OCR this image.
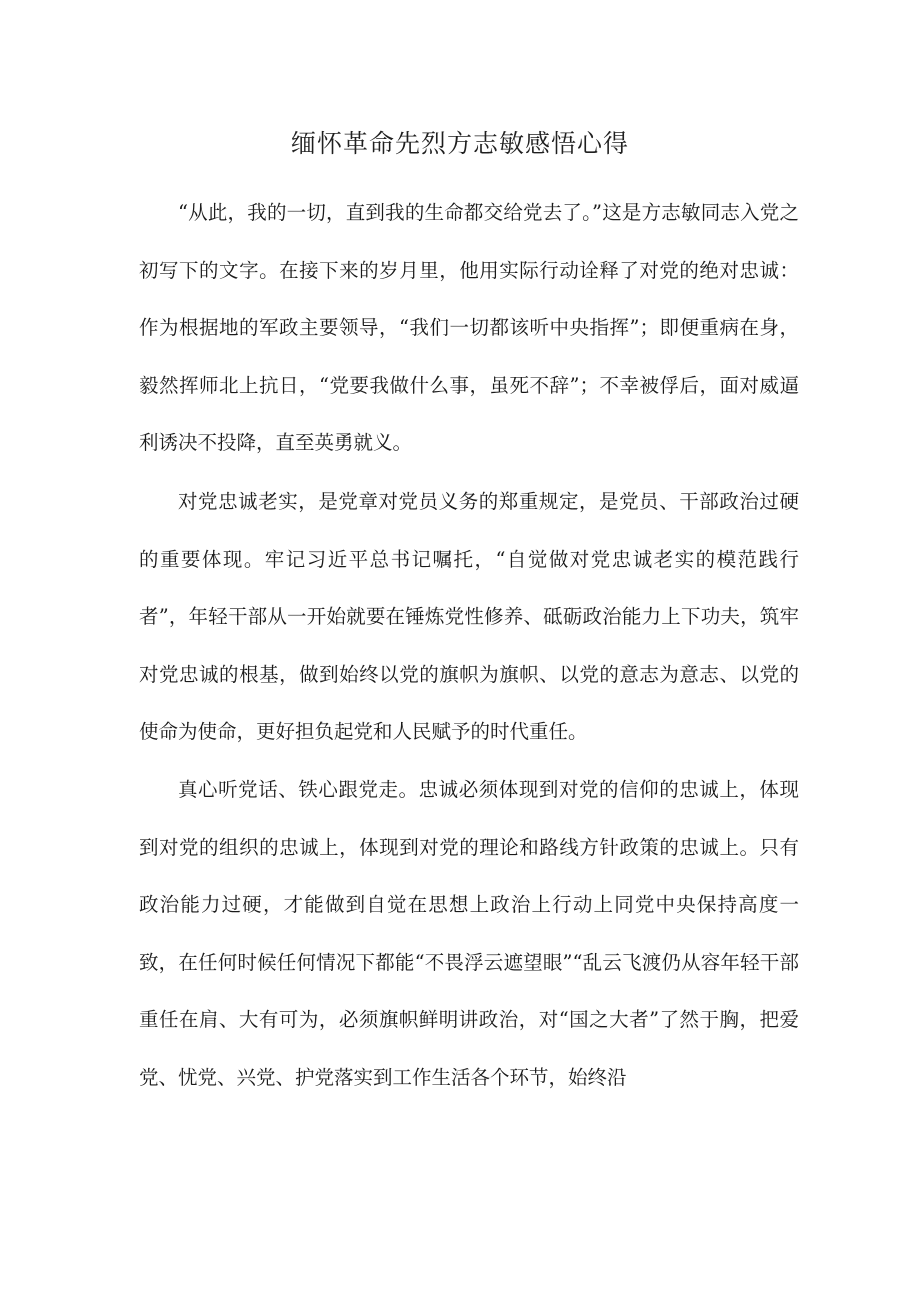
缅怀革命先烈方志敏感悟心得

“从此，我的一切，直到我的生命都交给党去了。”这是方志敏同志入党之初写下的文字。在接下来的岁月里，他用实际行动诠释了对党的绝对忠诚：作为根据地的军政主要领导，“我们一切都该听中央指挥”；即便重病在身，毅然挥师北上抗日，“党要我做什么事，虽死不辞”；不幸被俘后，面对威逼利诱决不投降，直至英勇就义。

对党忠诚老实，是党章对党员义务的郑重规定，是党员、干部政治过硬的重要体现。牢记习近平总书记嘱托，“自觉做对党忠诚老实的模范践行者”，年轻干部从一开始就要在锤炼党性修养、砥砺政治能力上下功夫，筑牢对党忠诚的根基，做到始终以党的旗帜为旗帜、以党的意志为意志、以党的使命为使命，更好担负起党和人民赋予的时代重任。

真心听党话、铁心跟党走。忠诚必须体现到对党的信仰的忠诚上，体现到对党的组织的忠诚上，体现到对党的理论和路线方针政策的忠诚上。只有政治能力过硬，才能做到自觉在思想上政治上行动上同党中央保持高度一致，在任何时候任何情况下都能“不畏浮云遮望眼”“乱云飞渡仍从容年轻干部重任在肩、大有可为，必须旗帜鲜明讲政治，对“国之大者”了然于胸，把爱党、忧党、兴党、护党落实到工作生活各个环节，始终沿
